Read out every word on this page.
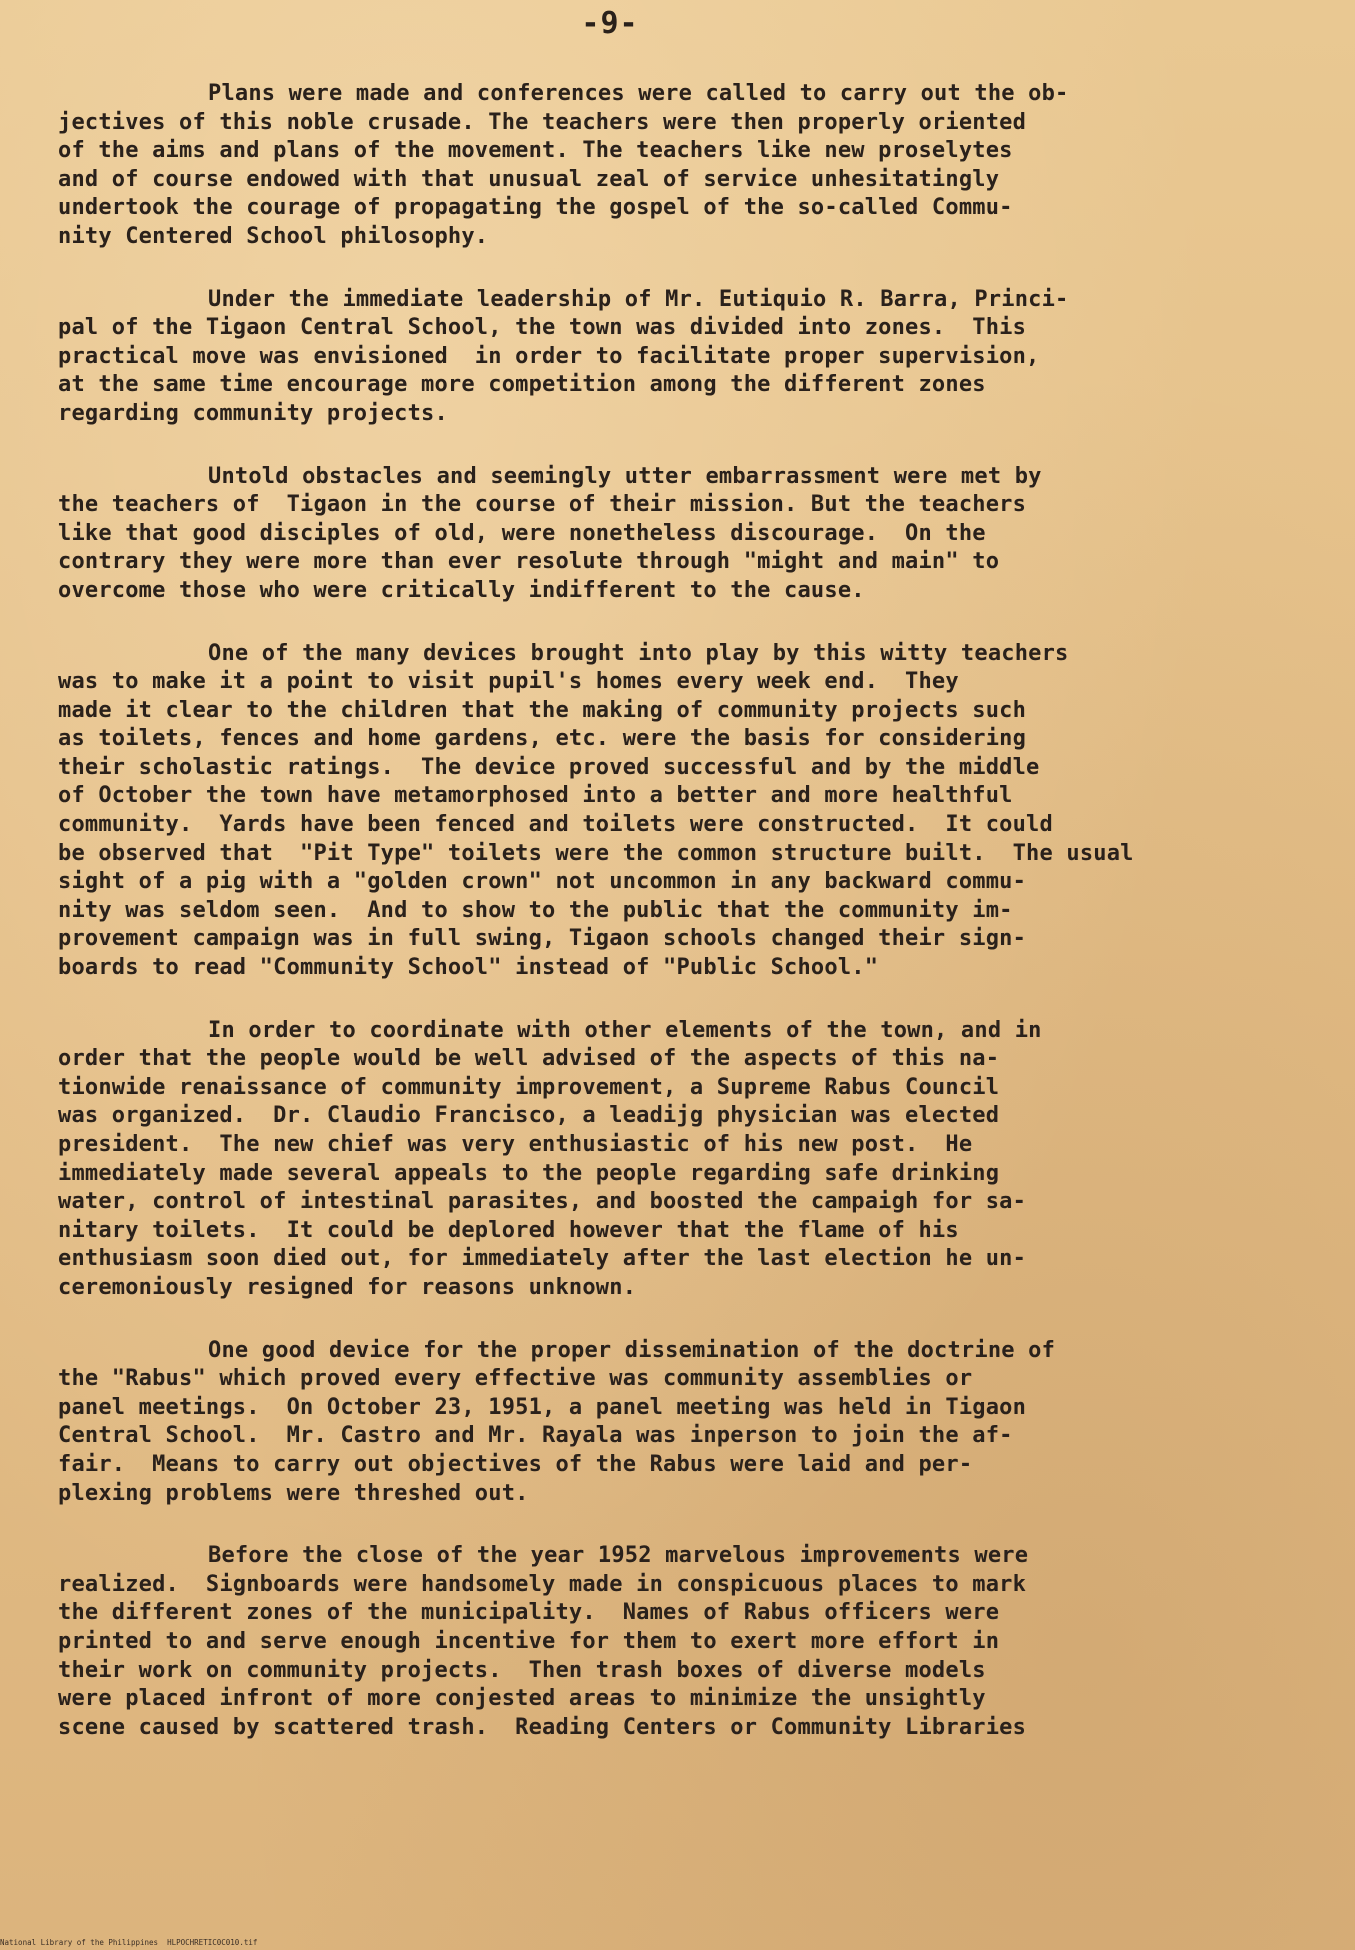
-9-
Plans were made and conferences were called to carry out the ob-
jectives of this noble crusade. The teachers were then properly oriented
of the aims and plans of the movement. The teachers like new proselytes
and of course endowed with that unusual zeal of service unhesitatingly
undertook the courage of propagating the gospel of the so-called Commu-
nity Centered School philosophy.
Under the immediate leadership of Mr. Eutiquio R. Barra, Princi-
pal of the Tigaon Central School, the town was divided into zones.  This
practical move was envisioned  in order to facilitate proper supervision,
at the same time encourage more competition among the different zones
regarding community projects.
Untold obstacles and seemingly utter embarrassment were met by
the teachers of  Tigaon in the course of their mission. But the teachers
like that good disciples of old, were nonetheless discourage.  On the
contrary they were more than ever resolute through "might and main" to
overcome those who were critically indifferent to the cause.
One of the many devices brought into play by this witty teachers
was to make it a point to visit pupil's homes every week end.  They
made it clear to the children that the making of community projects such
as toilets, fences and home gardens, etc. were the basis for considering
their scholastic ratings.  The device proved successful and by the middle
of October the town have metamorphosed into a better and more healthful
community.  Yards have been fenced and toilets were constructed.  It could
be observed that  "Pit Type" toilets were the common structure built.  The usual
sight of a pig with a "golden crown" not uncommon in any backward commu-
nity was seldom seen.  And to show to the public that the community im-
provement campaign was in full swing, Tigaon schools changed their sign-
boards to read "Community School" instead of "Public School."
In order to coordinate with other elements of the town, and in
order that the people would be well advised of the aspects of this na-
tionwide renaissance of community improvement, a Supreme Rabus Council
was organized.  Dr. Claudio Francisco, a leadijg physician was elected
president.  The new chief was very enthusiastic of his new post.  He
immediately made several appeals to the people regarding safe drinking
water, control of intestinal parasites, and boosted the campaigh for sa-
nitary toilets.  It could be deplored however that the flame of his
enthusiasm soon died out, for immediately after the last election he un-
ceremoniously resigned for reasons unknown.
One good device for the proper dissemination of the doctrine of
the "Rabus" which proved every effective was community assemblies or
panel meetings.  On October 23, 1951, a panel meeting was held in Tigaon
Central School.  Mr. Castro and Mr. Rayala was inperson to join the af-
fair.  Means to carry out objectives of the Rabus were laid and per-
plexing problems were threshed out.
Before the close of the year 1952 marvelous improvements were
realized.  Signboards were handsomely made in conspicuous places to mark
the different zones of the municipality.  Names of Rabus officers were
printed to and serve enough incentive for them to exert more effort in
their work on community projects.  Then trash boxes of diverse models
were placed infront of more conjested areas to minimize the unsightly
scene caused by scattered trash.  Reading Centers or Community Libraries
National Library of the Philippines  HLPOCHRETIC0C010.tif
